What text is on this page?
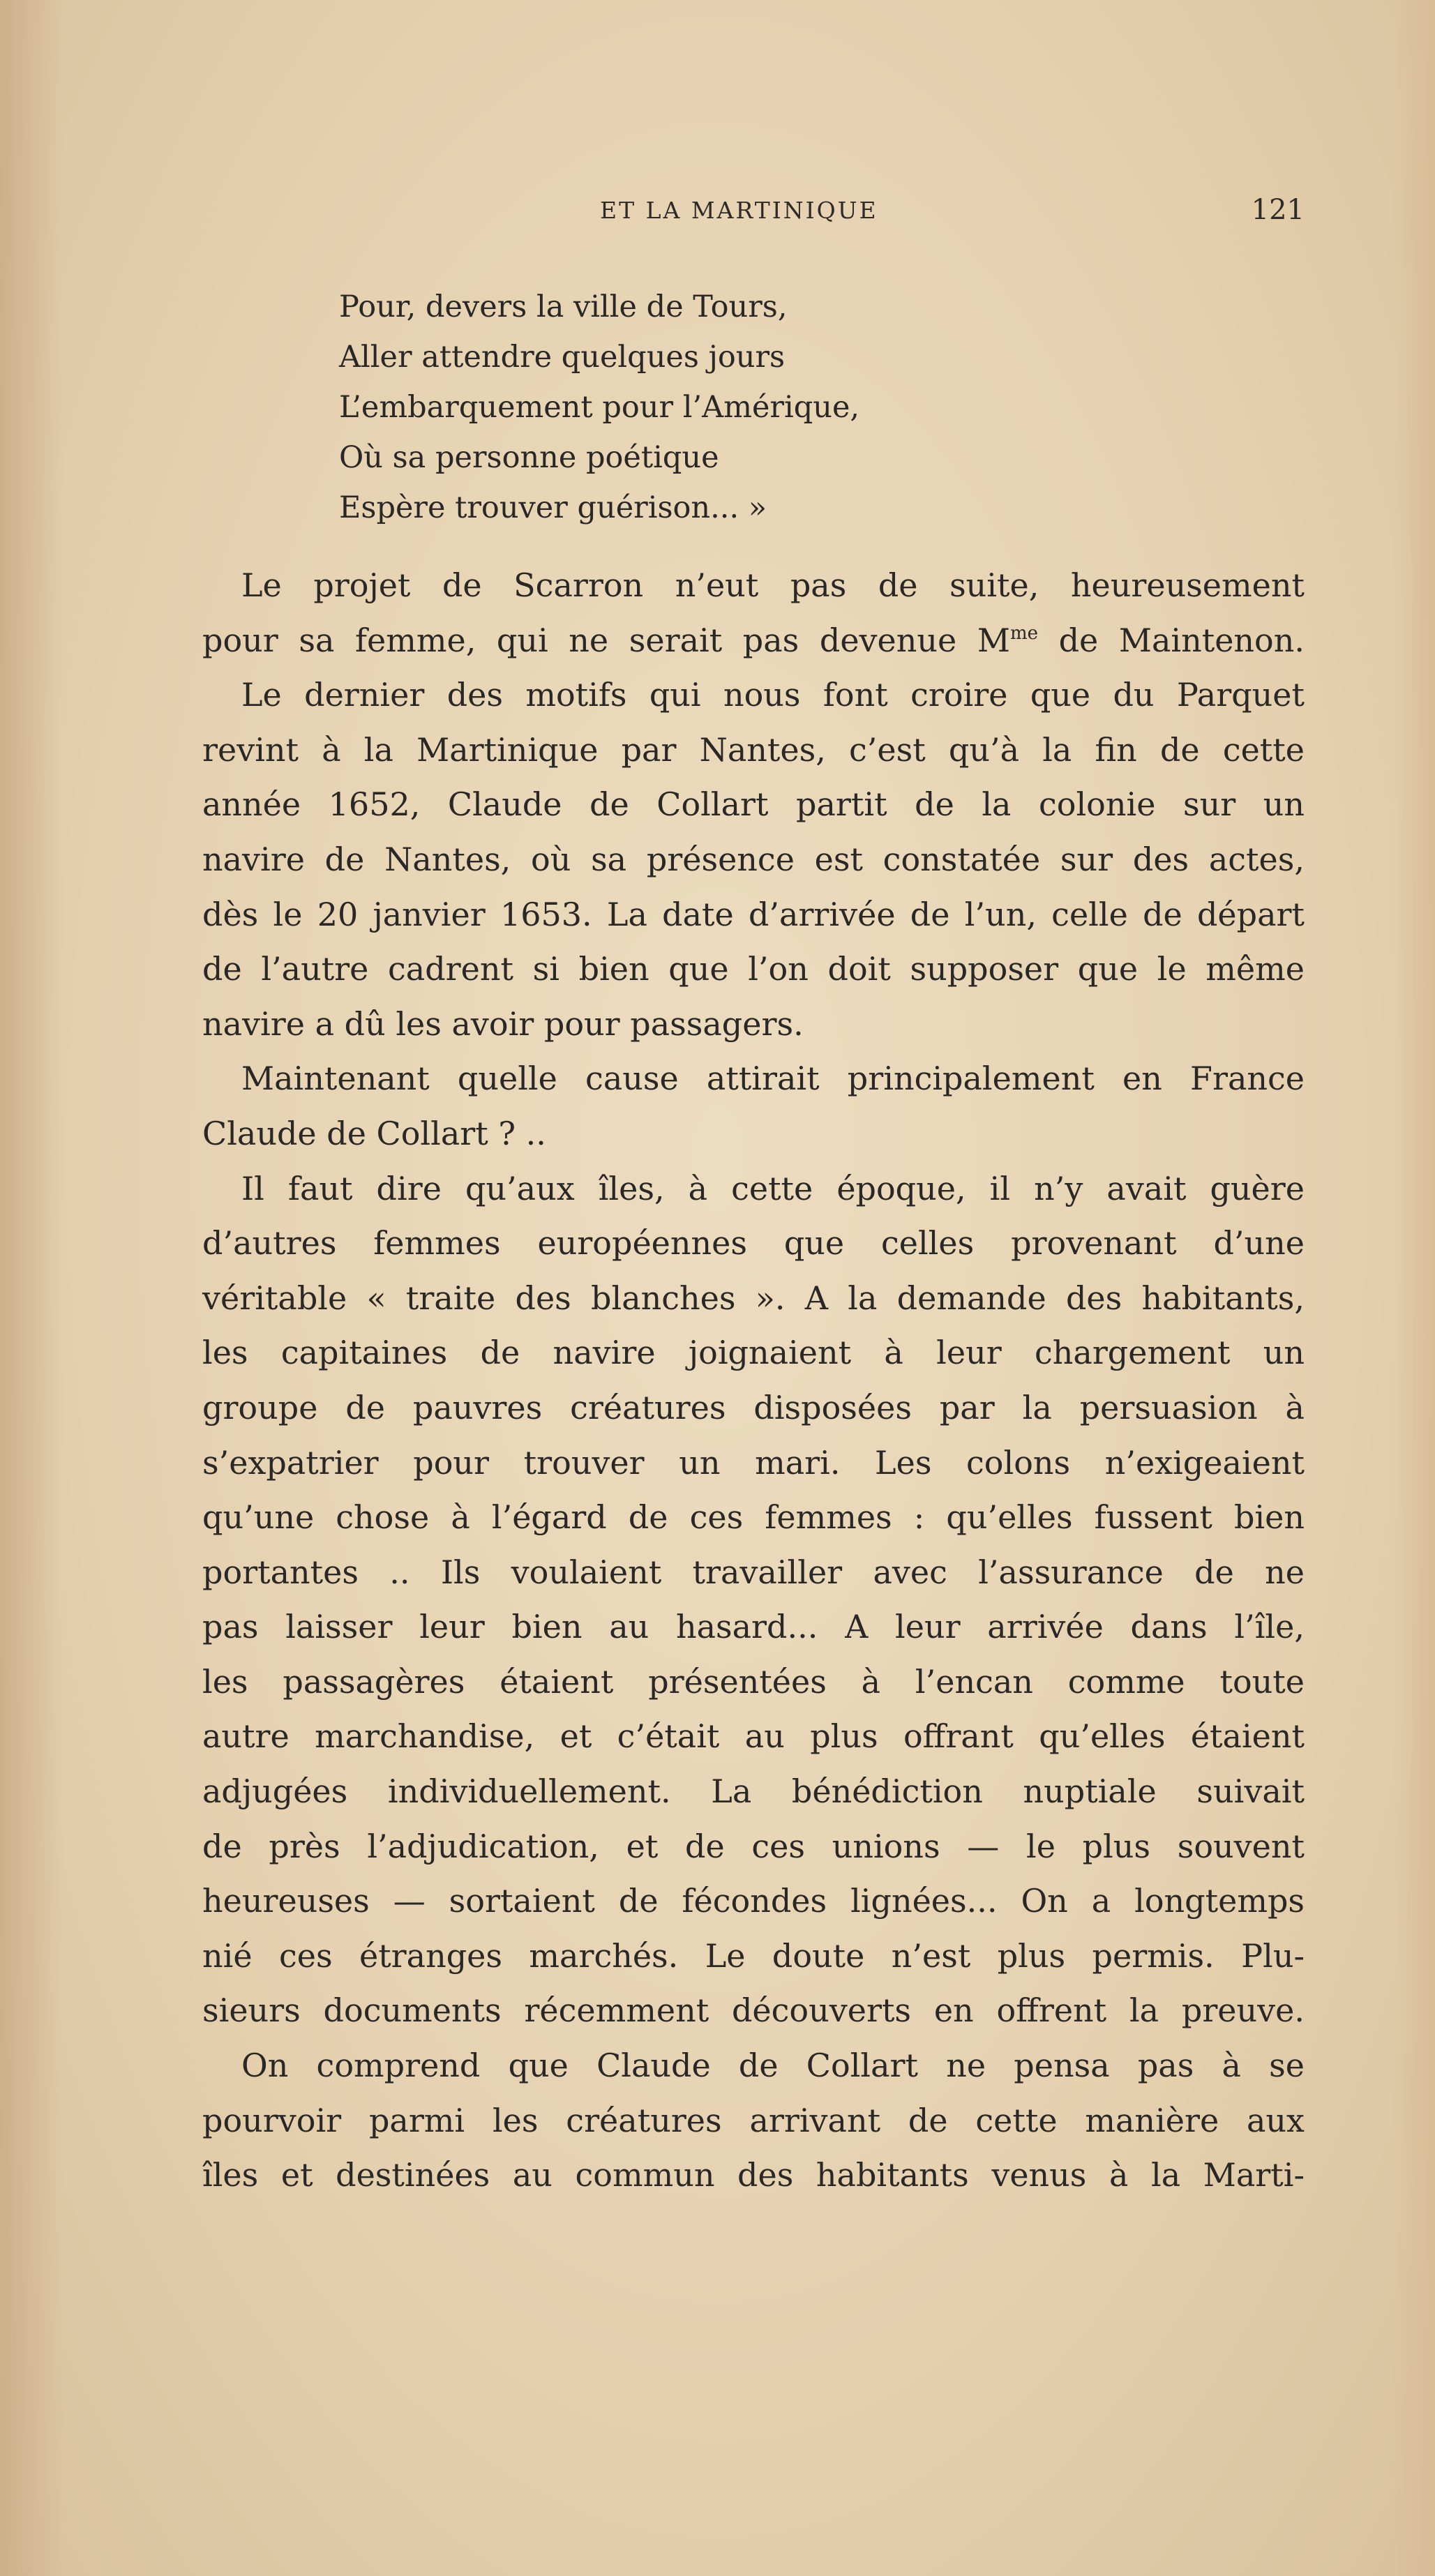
ET LA MARTINIQUE	121
Pour, devers la ville de Tours,
Aller attendre quelques jours
L’embarquement pour l’Amérique,
Où sa personne poétique
Espère trouver guérison... »

Le projet de Scarron n’eut pas de suite, heureusement

pour sa femme, qui ne serait pas devenue $M^{me}$ de Maintenon.

Le dernier des motifs qui nous font croire que du Parquet

revint à la Martinique par Nantes, c’est qu’à la fin de cette

année 1652, Claude de Collart partit de la colonie sur un

navire de Nantes, où sa présence est constatée sur des actes,

dès le 20 janvier 1653. La date d’arrivée de l’un, celle de départ

de l’autre cadrent si bien que l’on doit supposer que le même

navire a dû les avoir pour passagers.

Maintenant quelle cause attirait principalement en France

Claude de Collart ? ..

Il faut dire qu’aux îles, à cette époque, il n’y avait guère

d’autres femmes européennes que celles provenant d’une

véritable « traite des blanches ». A la demande des habitants,

les capitaines de navire joignaient à leur chargement un

groupe de pauvres créatures disposées par la persuasion à

s’expatrier pour trouver un mari. Les colons n’exigeaient

qu’une chose à l’égard de ces femmes : qu’elles fussent bien

portantes .. Ils voulaient travailler avec l’assurance de ne

pas laisser leur bien au hasard... A leur arrivée dans l’île,

les passagères étaient présentées à l’encan comme toute

autre marchandise, et c’était au plus offrant qu’elles étaient

adjugées individuellement. La bénédiction nuptiale suivait

de près l’adjudication, et de ces unions — le plus souvent

heureuses — sortaient de fécondes lignées... On a longtemps

nié ces étranges marchés. Le doute n’est plus permis. Plu-

sieurs documents récemment découverts en offrent la preuve.

On comprend que Claude de Collart ne pensa pas à se

pourvoir parmi les créatures arrivant de cette manière aux

îles et destinées au commun des habitants venus à la Marti-
